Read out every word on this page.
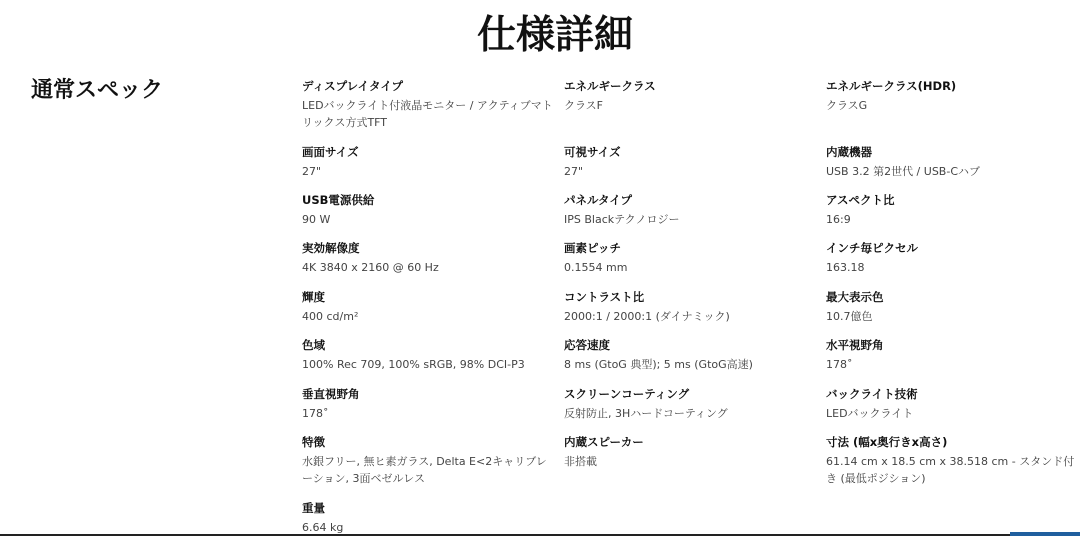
仕様詳細
通常スペック	ディスプレイタイプ
LEDバックライト付液晶モニター / アクティブマトリックス方式TFT
エネルギークラス
クラスF
エネルギークラス(HDR)
クラスG
画面サイズ
27"
可視サイズ
27"
内蔵機器
USB 3.2 第2世代 / USB-Cハブ
USB電源供給
90 W
パネルタイプ
IPS Blackテクノロジー
アスペクト比
16:9
実効解像度
4K 3840 x 2160 @ 60 Hz
画素ピッチ
0.1554 mm
インチ毎ピクセル
163.18
輝度
400 cd/m²
コントラスト比
2000:1 / 2000:1 (ダイナミック)
最大表示色
10.7億色
色域
100% Rec 709, 100% sRGB, 98% DCI-P3
応答速度
8 ms (GtoG 典型); 5 ms (GtoG高速)
水平視野角
178˚
垂直視野角
178˚
スクリーンコーティング
反射防止, 3Hハードコーティング
バックライト技術
LEDバックライト
特徴
水銀フリー, 無ヒ素ガラス, Delta E<2キャリブレーション, 3面ベゼルレス
内蔵スピーカー
非搭載
寸法 (幅x奥行きx高さ)
61.14 cm x 18.5 cm x 38.518 cm - スタンド付き (最低ポジション)
重量
6.64 kg
